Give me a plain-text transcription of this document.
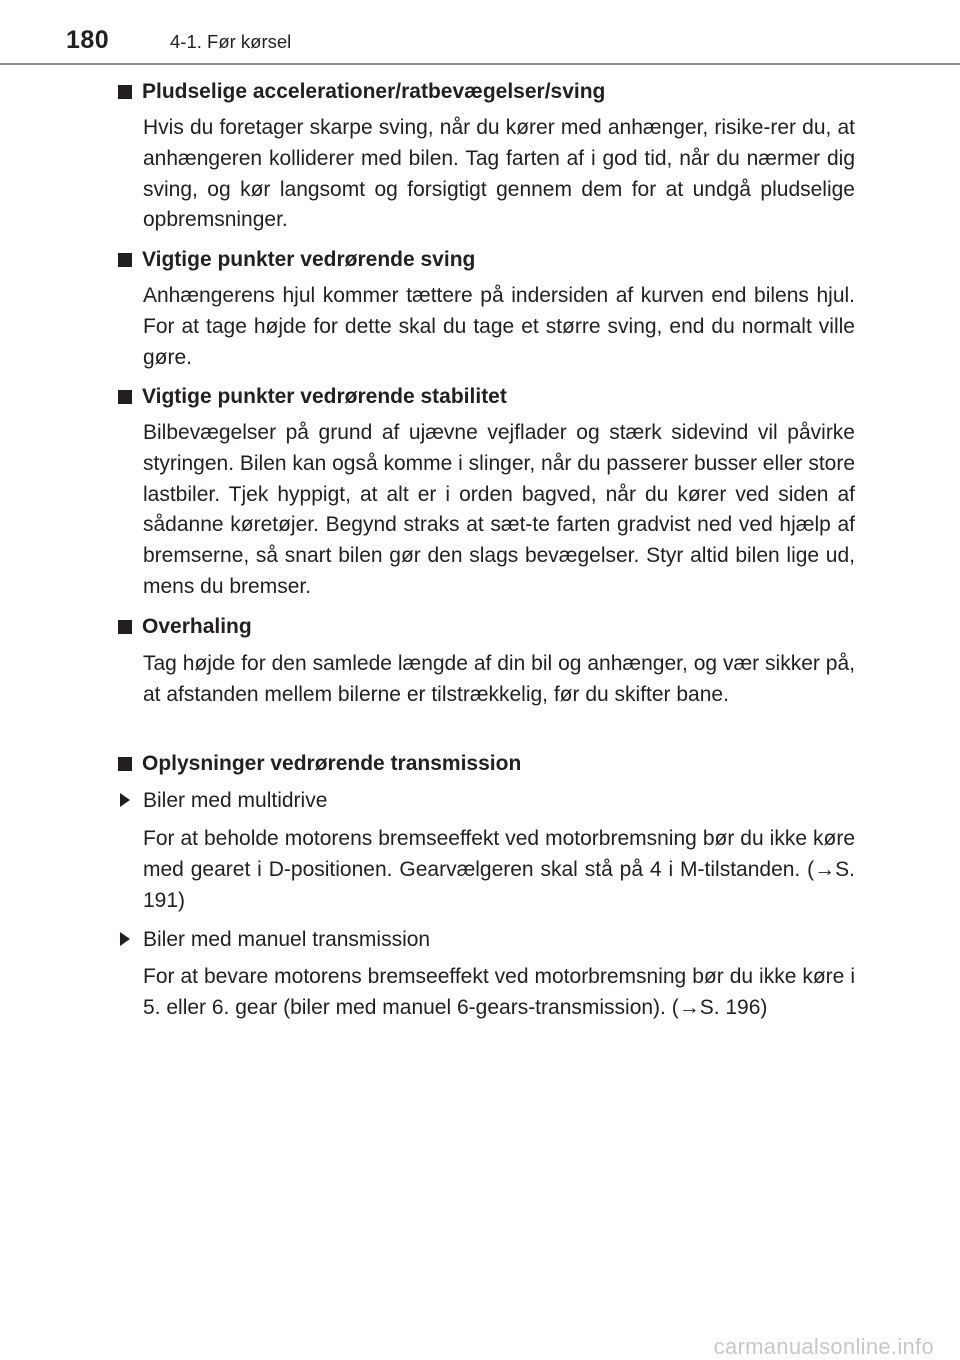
180	4-1. Før kørsel
Pludselige accelerationer/ratbevægelser/sving
Hvis du foretager skarpe sving, når du kører med anhænger, risike-rer du, at anhængeren kolliderer med bilen. Tag farten af i god tid, når du nærmer dig sving, og kør langsomt og forsigtigt gennem dem for at undgå pludselige opbremsninger.
Vigtige punkter vedrørende sving
Anhængerens hjul kommer tættere på indersiden af kurven end bilens hjul. For at tage højde for dette skal du tage et større sving, end du normalt ville gøre.
Vigtige punkter vedrørende stabilitet
Bilbevægelser på grund af ujævne vejflader og stærk sidevind vil påvirke styringen. Bilen kan også komme i slinger, når du passerer busser eller store lastbiler. Tjek hyppigt, at alt er i orden bagved, når du kører ved siden af sådanne køretøjer. Begynd straks at sæt-te farten gradvist ned ved hjælp af bremserne, så snart bilen gør den slags bevægelser. Styr altid bilen lige ud, mens du bremser.
Overhaling
Tag højde for den samlede længde af din bil og anhænger, og vær sikker på, at afstanden mellem bilerne er tilstrækkelig, før du skifter bane.
Oplysninger vedrørende transmission
Biler med multidrive
For at beholde motorens bremseeffekt ved motorbremsning bør du ikke køre med gearet i D-positionen. Gearvælgeren skal stå på 4 i M-tilstanden. (→S. 191)
Biler med manuel transmission
For at bevare motorens bremseeffekt ved motorbremsning bør du ikke køre i 5. eller 6. gear (biler med manuel 6-gears-transmission). (→S. 196)
carmanualsonline.info
